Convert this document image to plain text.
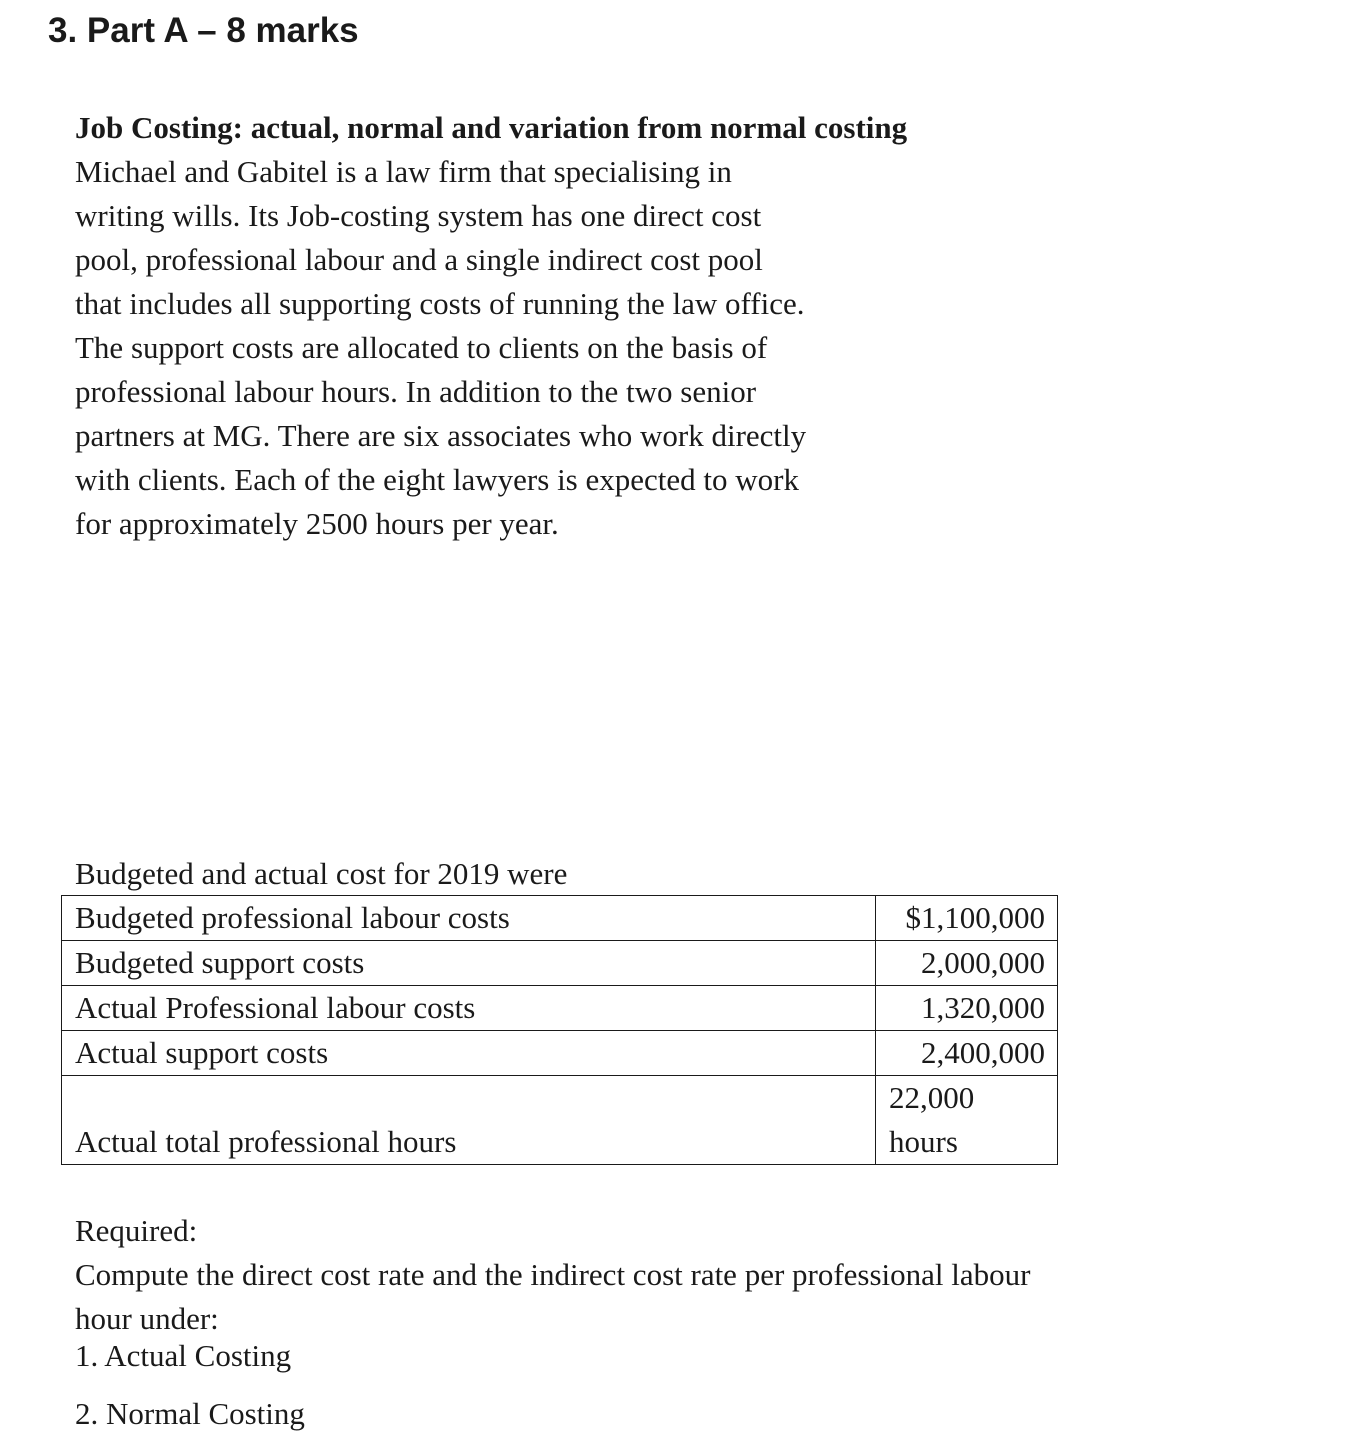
3. Part A – 8 marks
Job Costing: actual, normal and variation from normal costing
Michael and Gabitel is a law firm that specialising in
writing wills. Its Job-costing system has one direct cost
pool, professional labour and a single indirect cost pool
that includes all supporting costs of running the law office.
The support costs are allocated to clients on the basis of
professional labour hours. In addition to the two senior
partners at MG. There are six associates who work directly
with clients. Each of the eight lawyers is expected to work
for approximately 2500 hours per year.
Budgeted and actual cost for 2019 were
Budgeted professional labour costs	$1,100,000
Budgeted support costs	2,000,000
Actual Professional labour costs	1,320,000
Actual support costs	2,400,000
Actual total professional hours	22,000
hours
Required:
Compute the direct cost rate and the indirect cost rate per professional labour
hour under:
1. Actual Costing
2. Normal Costing
